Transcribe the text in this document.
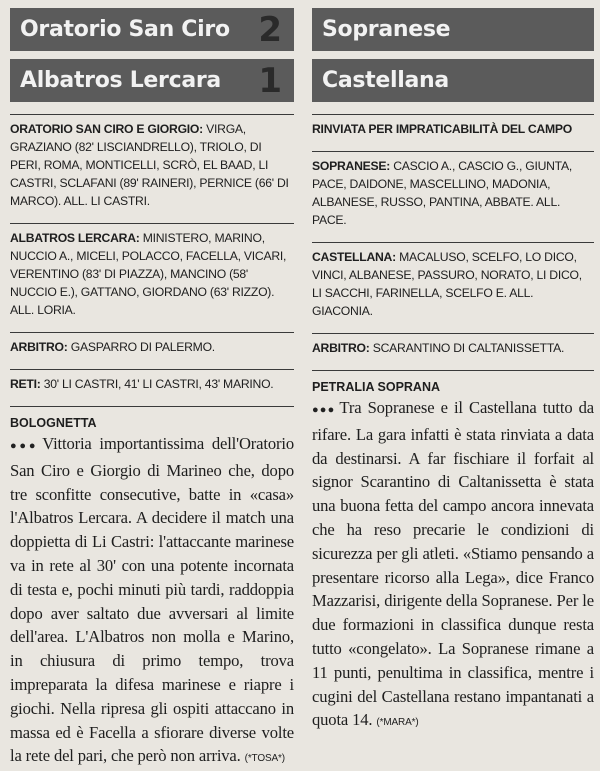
Oratorio San Ciro 2
Albatros Lercara 1
ORATORIO SAN CIRO E GIORGIO: VIRGA, GRAZIANO (82' LISCIANDRELLO), TRIOLO, DI PERI, ROMA, MONTICELLI, SCRÒ, EL BAAD, LI CASTRI, SCLAFANI (89' RAINERI), PERNICE (66' DI MARCO). ALL. LI CASTRI.
ALBATROS LERCARA: MINISTERO, MARINO, NUCCIO A., MICELI, POLACCO, FACELLA, VICARI, VERENTINO (83' DI PIAZZA), MANCINO (58' NUCCIO E.), GATTANO, GIORDANO (63' RIZZO). ALL. LORIA.
ARBITRO: GASPARRO DI PALERMO.
RETI: 30' LI CASTRI, 41' LI CASTRI, 43' MARINO.
BOLOGNETTA

●●● Vittoria importantissima dell'Oratorio San Ciro e Giorgio di Marineo che, dopo tre sconfitte consecutive, batte in «casa» l'Albatros Lercara. A decidere il match una doppietta di Li Castri: l'attaccante marinese va in rete al 30' con una potente incornata di testa e, pochi minuti più tardi, raddoppia dopo aver saltato due avversari al limite dell'area. L'Albatros non molla e Marino, in chiusura di primo tempo, trova impreparata la difesa marinese e riapre i giochi. Nella ripresa gli ospiti attaccano in massa ed è Facella a sfiorare diverse volte la rete del pari, che però non arriva. (*TOSA*)

Sopranese
Castellana
RINVIATA PER IMPRATICABILITÀ DEL CAMPO
SOPRANESE: CASCIO A., CASCIO G., GIUNTA, PACE, DAIDONE, MASCELLINO, MADONIA, ALBANESE, RUSSO, PANTINA, ABBATE. ALL. PACE.
CASTELLANA: MACALUSO, SCELFO, LO DICO, VINCI, ALBANESE, PASSURO, NORATO, LI DICO, LI SACCHI, FARINELLA, SCELFO E. ALL. GIACONIA.
ARBITRO: SCARANTINO DI CALTANISSETTA.
PETRALIA SOPRANA

●●● Tra Sopranese e il Castellana tutto da rifare. La gara infatti è stata rinviata a data da destinarsi. A far fischiare il forfait al signor Scarantino di Caltanissetta è stata una buona fetta del campo ancora innevata che ha reso precarie le condizioni di sicurezza per gli atleti. «Stiamo pensando a presentare ricorso alla Lega», dice Franco Mazzarisi, dirigente della Sopranese. Per le due formazioni in classifica dunque resta tutto «congelato». La Sopranese rimane a 11 punti, penultima in classifica, mentre i cugini del Castellana restano impantanati a quota 14. (*MARA*)
